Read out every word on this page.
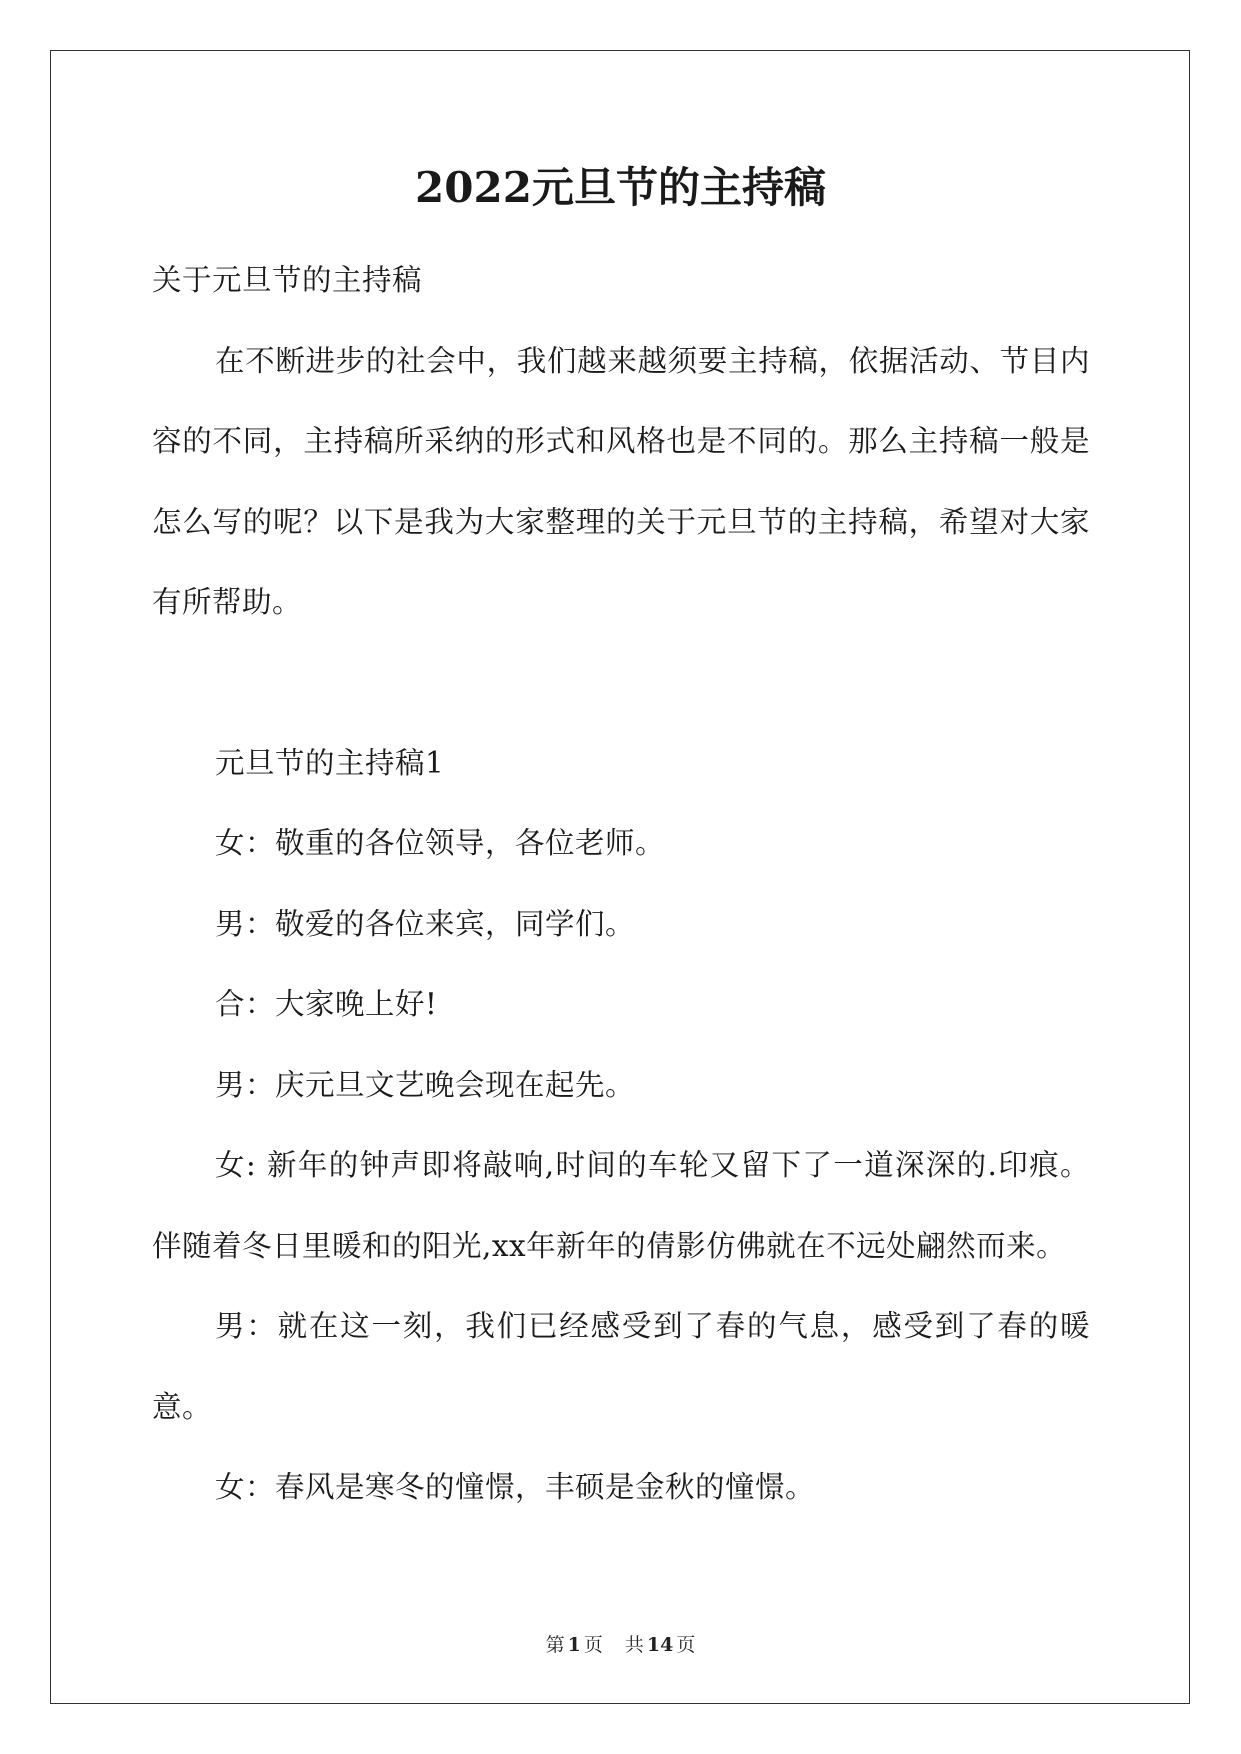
2022元旦节的主持稿

关于元旦节的主持稿

在不断进步的社会中，我们越来越须要主持稿，依据活动、节目内容的不同，主持稿所采纳的形式和风格也是不同的。那么主持稿一般是怎么写的呢？以下是我为大家整理的关于元旦节的主持稿，希望对大家有所帮助。

元旦节的主持稿1

女：敬重的各位领导，各位老师。

男：敬爱的各位来宾，同学们。

合：大家晚上好!

男：庆元旦文艺晚会现在起先。

女: 新年的钟声即将敲响,时间的车轮又留下了一道深深的.印痕。伴随着冬日里暖和的阳光,xx年新年的倩影仿佛就在不远处翩然而来。

男：就在这一刻，我们已经感受到了春的气息，感受到了春的暖意。

女：春风是寒冬的憧憬，丰硕是金秋的憧憬。

第 1 页 共 14 页
